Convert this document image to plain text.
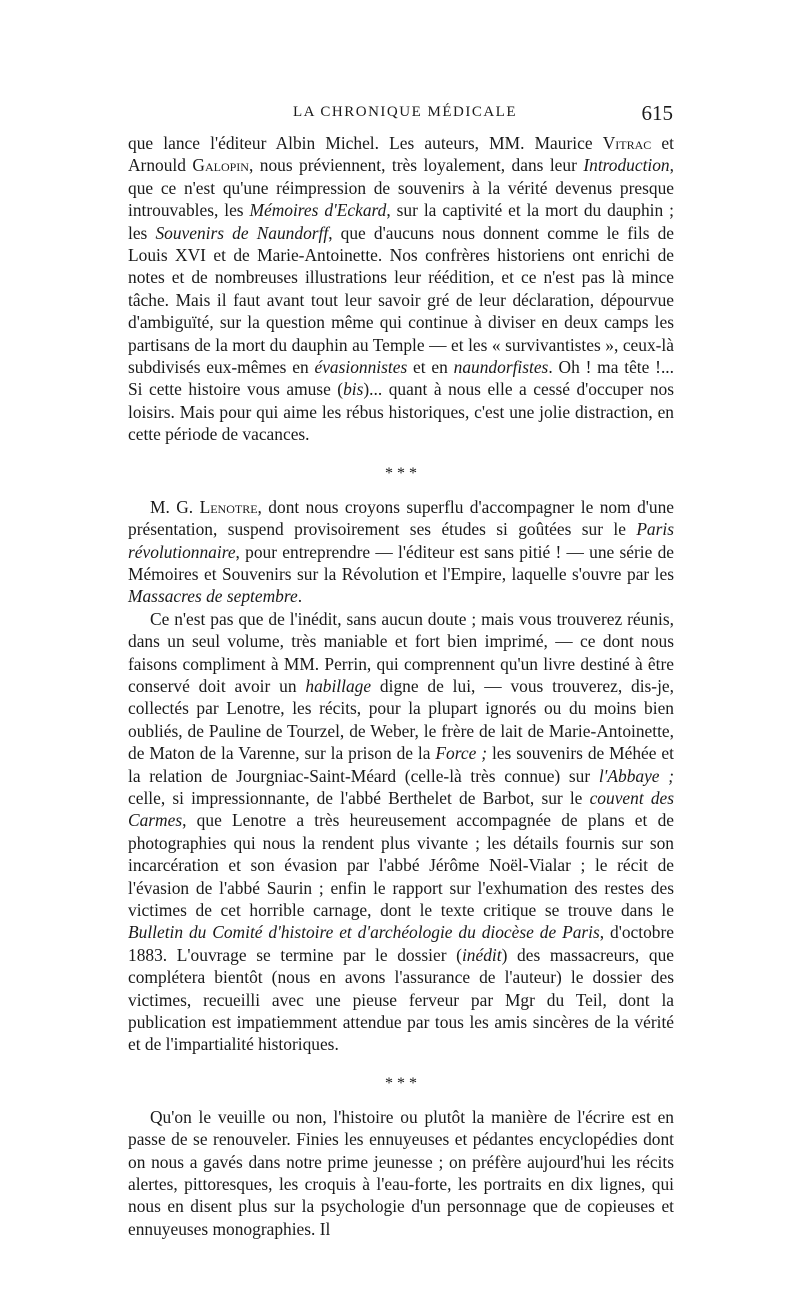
LA CHRONIQUE MÉDICALE	615

que lance l'éditeur Albin Michel. Les auteurs, MM. Maurice Vitrac et Arnould Galopin, nous préviennent, très loyalement, dans leur Introduction, que ce n'est qu'une réimpression de souvenirs à la vérité devenus presque introuvables, les Mémoires d'Eckard, sur la captivité et la mort du dauphin ; les Souvenirs de Naundorff, que d'aucuns nous donnent comme le fils de Louis XVI et de Marie-Antoinette. Nos confrères historiens ont enrichi de notes et de nombreuses illustrations leur réédition, et ce n'est pas là mince tâche. Mais il faut avant tout leur savoir gré de leur déclaration, dépourvue d'ambiguïté, sur la question même qui continue à diviser en deux camps les partisans de la mort du dauphin au Temple — et les « survivantistes », ceux-là subdivisés eux-mêmes en évasionnistes et en naundorfistes. Oh ! ma tête !... Si cette histoire vous amuse (bis)... quant à nous elle a cessé d'occuper nos loisirs. Mais pour qui aime les rébus historiques, c'est une jolie distraction, en cette période de vacances.

* * *

M. G. Lenotre, dont nous croyons superflu d'accompagner le nom d'une présentation, suspend provisoirement ses études si goûtées sur le Paris révolutionnaire, pour entreprendre — l'éditeur est sans pitié ! — une série de Mémoires et Souvenirs sur la Révolution et l'Empire, laquelle s'ouvre par les Massacres de septembre.

Ce n'est pas que de l'inédit, sans aucun doute ; mais vous trouverez réunis, dans un seul volume, très maniable et fort bien imprimé, — ce dont nous faisons compliment à MM. Perrin, qui comprennent qu'un livre destiné à être conservé doit avoir un habillage digne de lui, — vous trouverez, dis-je, collectés par Lenotre, les récits, pour la plupart ignorés ou du moins bien oubliés, de Pauline de Tourzel, de Weber, le frère de lait de Marie-Antoinette, de Maton de la Varenne, sur la prison de la Force ; les souvenirs de Méhée et la relation de Jourgniac-Saint-Méard (celle-là très connue) sur l'Abbaye ; celle, si impressionnante, de l'abbé Berthelet de Barbot, sur le couvent des Carmes, que Lenotre a très heureusement accompagnée de plans et de photographies qui nous la rendent plus vivante ; les détails fournis sur son incarcération et son évasion par l'abbé Jérôme Noël-Vialar ; le récit de l'évasion de l'abbé Saurin ; enfin le rapport sur l'exhumation des restes des victimes de cet horrible carnage, dont le texte critique se trouve dans le Bulletin du Comité d'histoire et d'archéologie du diocèse de Paris, d'octobre 1883. L'ouvrage se termine par le dossier (inédit) des massacreurs, que complétera bientôt (nous en avons l'assurance de l'auteur) le dossier des victimes, recueilli avec une pieuse ferveur par Mgr du Teil, dont la publication est impatiemment attendue par tous les amis sincères de la vérité et de l'impartialité historiques.

* * *

Qu'on le veuille ou non, l'histoire ou plutôt la manière de l'écrire est en passe de se renouveler. Finies les ennuyeuses et pédantes encyclopédies dont on nous a gavés dans notre prime jeunesse ; on préfère aujourd'hui les récits alertes, pittoresques, les croquis à l'eau-forte, les portraits en dix lignes, qui nous en disent plus sur la psychologie d'un personnage que de copieuses et ennuyeuses monographies. Il
